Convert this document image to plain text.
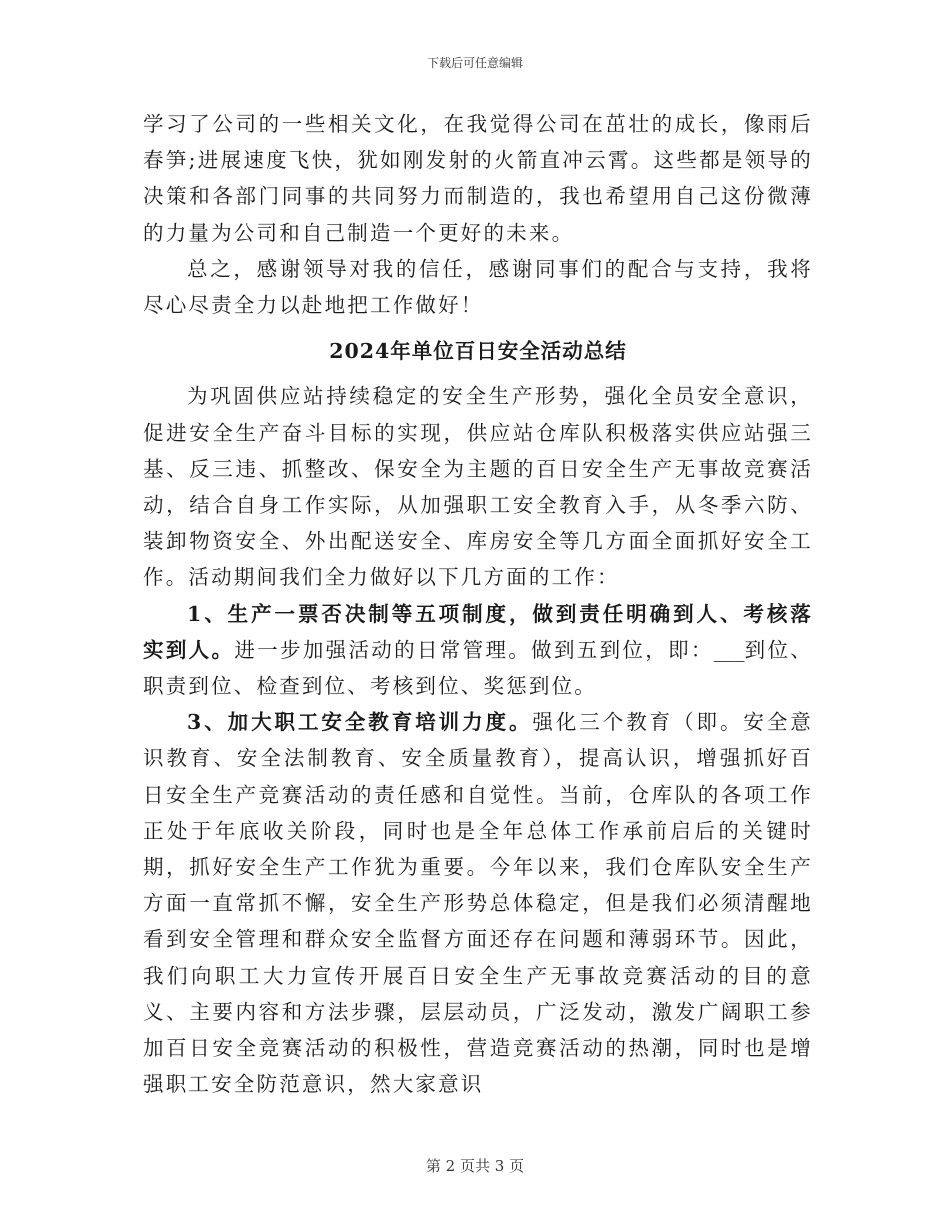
下载后可任意编辑

学习了公司的一些相关文化，在我觉得公司在茁壮的成长，像雨后春笋;进展速度飞快，犹如刚发射的火箭直冲云霄。这些都是领导的决策和各部门同事的共同努力而制造的，我也希望用自己这份微薄的力量为公司和自己制造一个更好的未来。

总之，感谢领导对我的信任，感谢同事们的配合与支持，我将尽心尽责全力以赴地把工作做好！

2024年单位百日安全活动总结

为巩固供应站持续稳定的安全生产形势，强化全员安全意识，促进安全生产奋斗目标的实现，供应站仓库队积极落实供应站强三基、反三违、抓整改、保安全为主题的百日安全生产无事故竞赛活动，结合自身工作实际，从加强职工安全教育入手，从冬季六防、装卸物资安全、外出配送安全、库房安全等几方面全面抓好安全工作。活动期间我们全力做好以下几方面的工作：

1、生产一票否决制等五项制度，做到责任明确到人、考核落实到人。进一步加强活动的日常管理。做到五到位，即：___到位、职责到位、检查到位、考核到位、奖惩到位。

3、加大职工安全教育培训力度。强化三个教育（即。安全意识教育、安全法制教育、安全质量教育），提高认识，增强抓好百日安全生产竞赛活动的责任感和自觉性。当前，仓库队的各项工作正处于年底收关阶段，同时也是全年总体工作承前启后的关键时期，抓好安全生产工作犹为重要。今年以来，我们仓库队安全生产方面一直常抓不懈，安全生产形势总体稳定，但是我们必须清醒地看到安全管理和群众安全监督方面还存在问题和薄弱环节。因此，我们向职工大力宣传开展百日安全生产无事故竞赛活动的目的意义、主要内容和方法步骤，层层动员，广泛发动，激发广阔职工参加百日安全竞赛活动的积极性，营造竞赛活动的热潮，同时也是增强职工安全防范意识，然大家意识

第 2 页共 3 页
